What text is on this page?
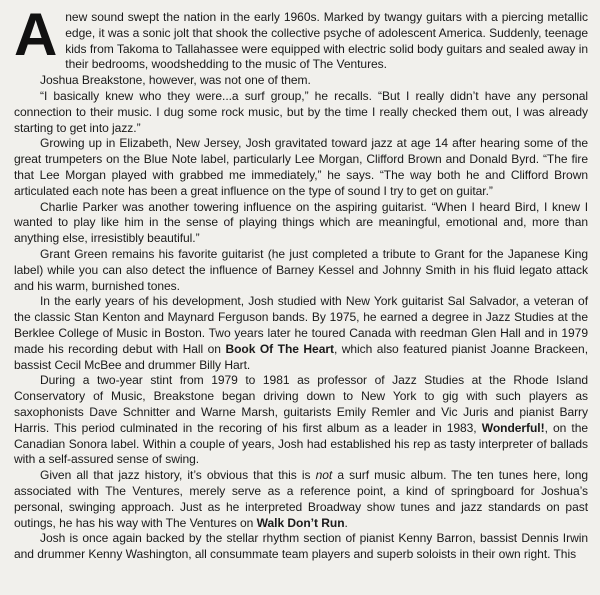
Anew sound swept the nation in the early 1960s. Marked by twangy guitars with a piercing metallic edge, it was a sonic jolt that shook the collective psyche of adolescent America. Suddenly, teenage kids from Takoma to Tallahassee were equipped with electric solid body guitars and sealed away in their bedrooms, woodshedding to the music of The Ventures.

Joshua Breakstone, however, was not one of them.

“I basically knew who they were...a surf group,” he recalls. “But I really didn’t have any personal connection to their music. I dug some rock music, but by the time I really checked them out, I was already starting to get into jazz.”

Growing up in Elizabeth, New Jersey, Josh gravitated toward jazz at age 14 after hearing some of the great trumpeters on the Blue Note label, particularly Lee Morgan, Clifford Brown and Donald Byrd. “The fire that Lee Morgan played with grabbed me immediately,” he says. “The way both he and Clifford Brown articulated each note has been a great influence on the type of sound I try to get on guitar.”

Charlie Parker was another towering influence on the aspiring guitarist. “When I heard Bird, I knew I wanted to play like him in the sense of playing things which are meaningful, emotional and, more than anything else, irresistibly beautiful.”

Grant Green remains his favorite guitarist (he just completed a tribute to Grant for the Japanese King label) while you can also detect the influence of Barney Kessel and Johnny Smith in his fluid legato attack and his warm, burnished tones.

In the early years of his development, Josh studied with New York guitarist Sal Salvador, a veteran of the classic Stan Kenton and Maynard Ferguson bands. By 1975, he earned a degree in Jazz Studies at the Berklee College of Music in Boston. Two years later he toured Canada with reedman Glen Hall and in 1979 made his recording debut with Hall on Book Of The Heart, which also featured pianist Joanne Brackeen, bassist Cecil McBee and drummer Billy Hart.

During a two-year stint from 1979 to 1981 as professor of Jazz Studies at the Rhode Island Conservatory of Music, Breakstone began driving down to New York to gig with such players as saxophonists Dave Schnitter and Warne Marsh, guitarists Emily Remler and Vic Juris and pianist Barry Harris. This period culminated in the recoring of his first album as a leader in 1983, Wonderful!, on the Canadian Sonora label. Within a couple of years, Josh had established his rep as tasty interpreter of ballads with a self-assured sense of swing.

Given all that jazz history, it’s obvious that this is not a surf music album. The ten tunes here, long associated with The Ventures, merely serve as a reference point, a kind of springboard for Joshua’s personal, swinging approach. Just as he interpreted Broadway show tunes and jazz standards on past outings, he has his way with The Ventures on Walk Don’t Run.

Josh is once again backed by the stellar rhythm section of pianist Kenny Barron, bassist Dennis Irwin and drummer Kenny Washington, all consummate team players and superb soloists in their own right. This
